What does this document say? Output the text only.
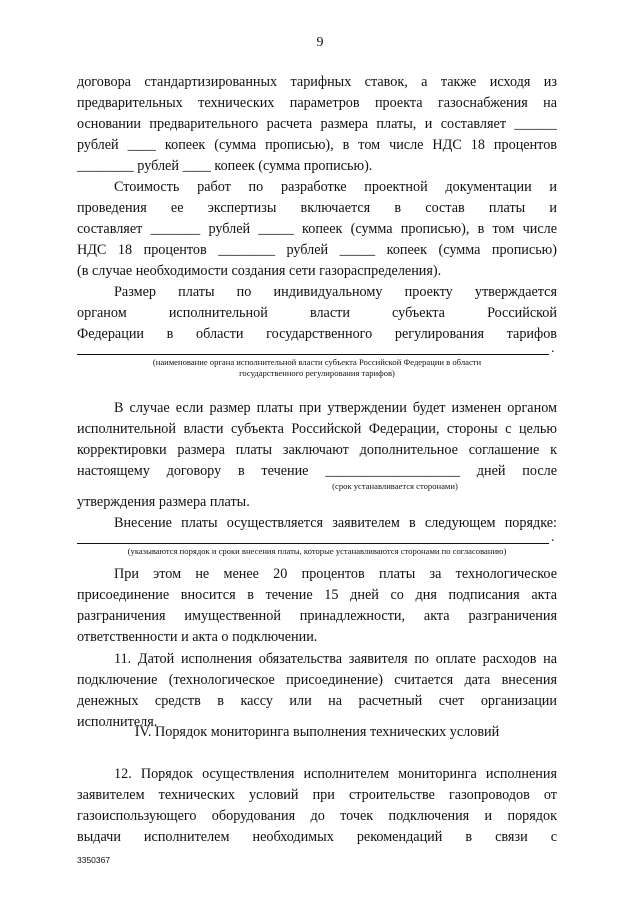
9
договора стандартизированных тарифных ставок, а также исходя из
предварительных технических параметров проекта газоснабжения на
основании предварительного расчета размера платы, и составляет ______
рублей ____ копеек (сумма прописью), в том числе НДС 18 процентов
________ рублей ____ копеек (сумма прописью).
Стоимость работ по разработке проектной документации и
проведения ее экспертизы включается в состав платы и
составляет _______ рублей _____ копеек (сумма прописью), в том числе
НДС 18 процентов ________ рублей _____ копеек (сумма прописью)
(в случае необходимости создания сети газораспределения).
Размер платы по индивидуальному проекту утверждается
органом исполнительной власти субъекта Российской
Федерации в области государственного регулирования тарифов
.
(наименование органа исполнительной власти субъекта Российской Федерации в области
государственного регулирования тарифов)
В случае если размер платы при утверждении будет изменен органом
исполнительной власти субъекта Российской Федерации, стороны с целью
корректировки размера платы заключают дополнительное соглашение к
настоящему договору в течение ___________________ дней после
(срок устанавливается сторонами)
утверждения размера платы.
Внесение платы осуществляется заявителем в следующем порядке:
.
(указываются порядок и сроки внесения платы, которые устанавливаются сторонами по согласованию)
При этом не менее 20 процентов платы за технологическое
присоединение вносится в течение 15 дней со дня подписания акта
разграничения имущественной принадлежности, акта разграничения
ответственности и акта о подключении.
11. Датой исполнения обязательства заявителя по оплате расходов на
подключение (технологическое присоединение) считается дата внесения
денежных средств в кассу или на расчетный счет организации
исполнителя.
IV. Порядок мониторинга выполнения технических условий
12. Порядок осуществления исполнителем мониторинга исполнения
заявителем технических условий при строительстве газопроводов от
газоиспользующего оборудования до точек подключения и порядок
выдачи исполнителем необходимых рекомендаций в связи с
3350367
